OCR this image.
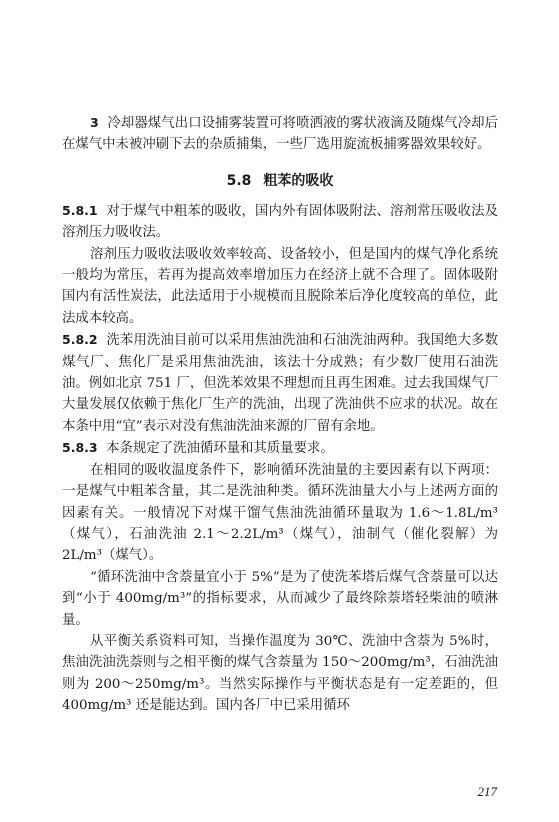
3 冷却器煤气出口设捕雾装置可将喷洒液的雾状液滴及随煤气冷却后在煤气中未被冲刷下去的杂质捕集，一些厂选用旋流板捕雾器效果较好。

5.8 粗苯的吸收

5.8.1 对于煤气中粗苯的吸收，国内外有固体吸附法、溶剂常压吸收法及溶剂压力吸收法。

溶剂压力吸收法吸收效率较高、设备较小，但是国内的煤气净化系统一般均为常压，若再为提高效率增加压力在经济上就不合理了。固体吸附国内有活性炭法，此法适用于小规模而且脱除苯后净化度较高的单位，此法成本较高。

5.8.2 洗苯用洗油目前可以采用焦油洗油和石油洗油两种。我国绝大多数煤气厂、焦化厂是采用焦油洗油，该法十分成熟；有少数厂使用石油洗油。例如北京 751 厂，但洗苯效果不理想而且再生困难。过去我国煤气厂大量发展仅依赖于焦化厂生产的洗油，出现了洗油供不应求的状况。故在本条中用“宜”表示对没有焦油洗油来源的厂留有余地。

5.8.3 本条规定了洗油循环量和其质量要求。

在相同的吸收温度条件下，影响循环洗油量的主要因素有以下两项：一是煤气中粗苯含量，其二是洗油种类。循环洗油量大小与上述两方面的因素有关。一般情况下对煤干馏气焦油洗油循环量取为 1.6～1.8L/m³（煤气），石油洗油 2.1～2.2L/m³（煤气），油制气（催化裂解）为 2L/m³（煤气）。

“循环洗油中含萘量宜小于 5%”是为了使洗苯塔后煤气含萘量可以达到“小于 400mg/m³”的指标要求，从而减少了最终除萘塔轻柴油的喷淋量。

从平衡关系资料可知，当操作温度为 30℃、洗油中含萘为 5%时，焦油洗油洗萘则与之相平衡的煤气含萘量为 150～200mg/m³，石油洗油则为 200～250mg/m³。当然实际操作与平衡状态是有一定差距的，但 400mg/m³ 还是能达到。国内各厂中已采用循环

217
